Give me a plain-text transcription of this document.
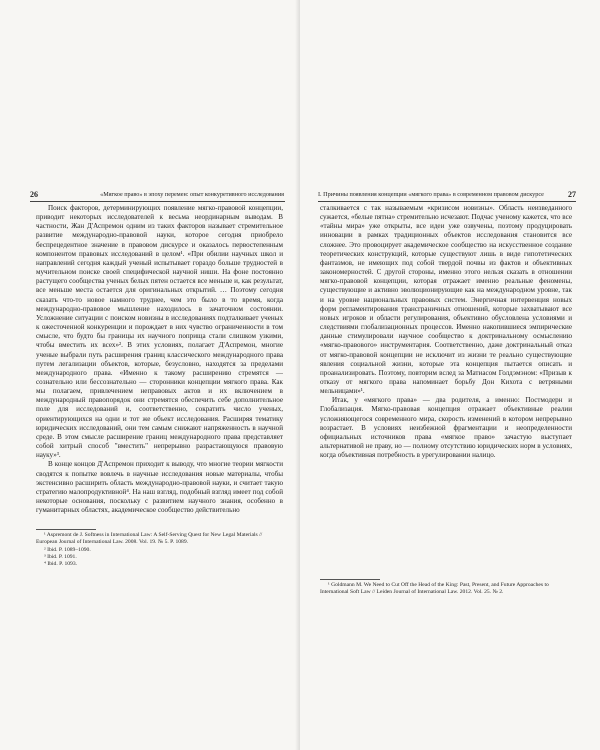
26	«Мягкое право» в эпоху перемен: опыт конкуретивного исследования

Поиск факторов, детерминирующих появление мягко-правовой концепции, приводит некоторых исследователей к весьма неординарным выводам. В частности, Жан Д'Аспремон одним из таких факторов называет стремительное развитие международно-правовой науки, которое сегодня приобрело беспрецедентное значение в правовом дискурсе и оказалось первостепенным компонентом правовых исследований в целом¹. «При обилии научных школ и направлений сегодня каждый ученый испытывает гораздо больше трудностей в мучительном поиске своей специфической научной ниши. На фоне постоянно растущего сообщества ученых белых пятен остается все меньше и, как результат, все меньше места остается для оригинальных открытий. … Поэтому сегодня сказать что-то новое намного труднее, чем это было в то время, когда международно-правовое мышление находилось в зачаточном состоянии. Усложнение ситуации с поиском новизны в исследованиях подталкивает ученых к ожесточенной конкуренции и порождает в них чувство ограниченности в том смысле, что будто бы границы их научного поприща стали слишком узкими, чтобы вместить их всех»². В этих условиях, полагает Д'Аспремон, многие ученые выбрали путь расширения границ классического международного права путем легализации объектов, которые, безусловно, находятся за пределами международного права. «Именно к такому расширению стремятся — сознательно или бессознательно — сторонники концепции мягкого права. Как мы полагаем, привлечением неправовых актов и их включением в международный правопорядок они стремятся обеспечить себе дополнительное поле для исследований и, соответственно, сократить число ученых, ориентирующихся на одни и тот же объект исследования. Расширяя тематику юридических исследований, они тем самым снижают напряженность в научной среде. В этом смысле расширение границ международного права представляет собой хитрый способ "вместить" непрерывно разрастающуюся правовую науку»³.

В конце концов Д'Аспремон приходит к выводу, что многие теории мягкости сводятся к попытке вовлечь в научные исследования новые материалы, чтобы экстенсивно расширить область международно-правовой науки, и считает такую стратегию малопродуктивной⁴. На наш взгляд, подобный взгляд имеет под собой некоторые основания, поскольку с развитием научного знания, особенно в гуманитарных областях, академическое сообщество действительно

¹ Aspremont de J. Softness in International Law: A Self-Serving Quest for New Legal Materials // European Journal of International Law. 2008. Vol. 19. № 5. P. 1089.
² Ibid. P. 1089–1090.
³ Ibid. P. 1091.
⁴ Ibid. P. 1093.
I. Причины появления концепции «мягкого права» в современном правовом дискурсе	27

сталкивается с так называемым «кризисом новизны». Область неизведанного сужается, «белые пятна» стремительно исчезают. Подчас ученому кажется, что все «тайны мира» уже открыты, все идеи уже озвучены, поэтому продуцировать инновации в рамках традиционных объектов исследования становится все сложнее. Это провоцирует академическое сообщество на искусственное создание теоретических конструкций, которые существуют лишь в виде гипотетических фантазмов, не имеющих под собой твердой почвы из фактов и объективных закономерностей. С другой стороны, именно этого нельзя сказать в отношении мягко-правовой концепции, которая отражает именно реальные феномены, существующие и активно эволюционирующие как на международном уровне, так и на уровне национальных правовых систем. Энергичная интервенция новых форм регламентирования трансграничных отношений, которые захватывают все новых игроков и области регулирования, объективно обусловлена условиями и следствиями глобализационных процессов. Именно накопившиеся эмпирические данные стимулировали научное сообщество к доктринальному осмыслению «мягко-правового» инструментария. Соответственно, даже доктринальный отказ от мягко-правовой концепции не исключит из жизни те реально существующие явления социальной жизни, которые эта концепция пытается описать и проанализировать. Поэтому, повторим вслед за Матиасом Голдэмэном: «Призыв к отказу от мягкого права напоминает борьбу Дон Кихота с ветряными мельницами»¹.

Итак, у «мягкого права» — два родителя, а именно: Постмодерн и Глобализация. Мягко-правовая концепция отражает объективные реалии усложняющегося современного мира, скорость изменений в котором непрерывно возрастает. В условиях неизбежной фрагментации и неопределенности официальных источников права «мягкое право» зачастую выступает альтернативой не праву, но — полному отсутствию юридических норм в условиях, когда объективная потребность в урегулировании налицо.

¹ Goldmann M. We Need to Cut Off the Head of the King: Past, Present, and Future Approaches to International Soft Law // Leiden Journal of International Law. 2012. Vol. 25. № 2.
